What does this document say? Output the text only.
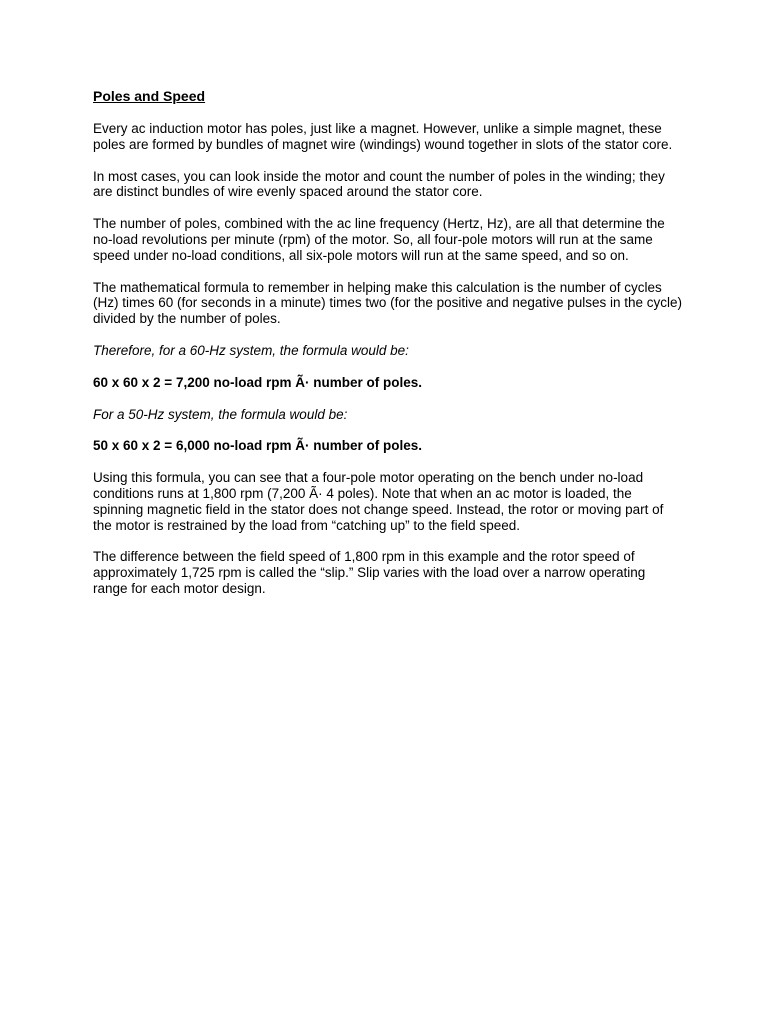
Poles and Speed

Every ac induction motor has poles, just like a magnet. However, unlike a simple magnet, these poles are formed by bundles of magnet wire (windings) wound together in slots of the stator core.

In most cases, you can look inside the motor and count the number of poles in the winding; they are distinct bundles of wire evenly spaced around the stator core.

The number of poles, combined with the ac line frequency (Hertz, Hz), are all that determine the no-load revolutions per minute (rpm) of the motor. So, all four-pole motors will run at the same speed under no-load conditions, all six-pole motors will run at the same speed, and so on.

The mathematical formula to remember in helping make this calculation is the number of cycles (Hz) times 60 (for seconds in a minute) times two (for the positive and negative pulses in the cycle) divided by the number of poles.

Therefore, for a 60-Hz system, the formula would be:

60 x 60 x 2 = 7,200 no-load rpm Ã· number of poles.

For a 50-Hz system, the formula would be:

50 x 60 x 2 = 6,000 no-load rpm Ã· number of poles.

Using this formula, you can see that a four-pole motor operating on the bench under no-load conditions runs at 1,800 rpm (7,200 Ã· 4 poles). Note that when an ac motor is loaded, the spinning magnetic field in the stator does not change speed. Instead, the rotor or moving part of the motor is restrained by the load from “catching up” to the field speed.

The difference between the field speed of 1,800 rpm in this example and the rotor speed of approximately 1,725 rpm is called the “slip.” Slip varies with the load over a narrow operating range for each motor design.
